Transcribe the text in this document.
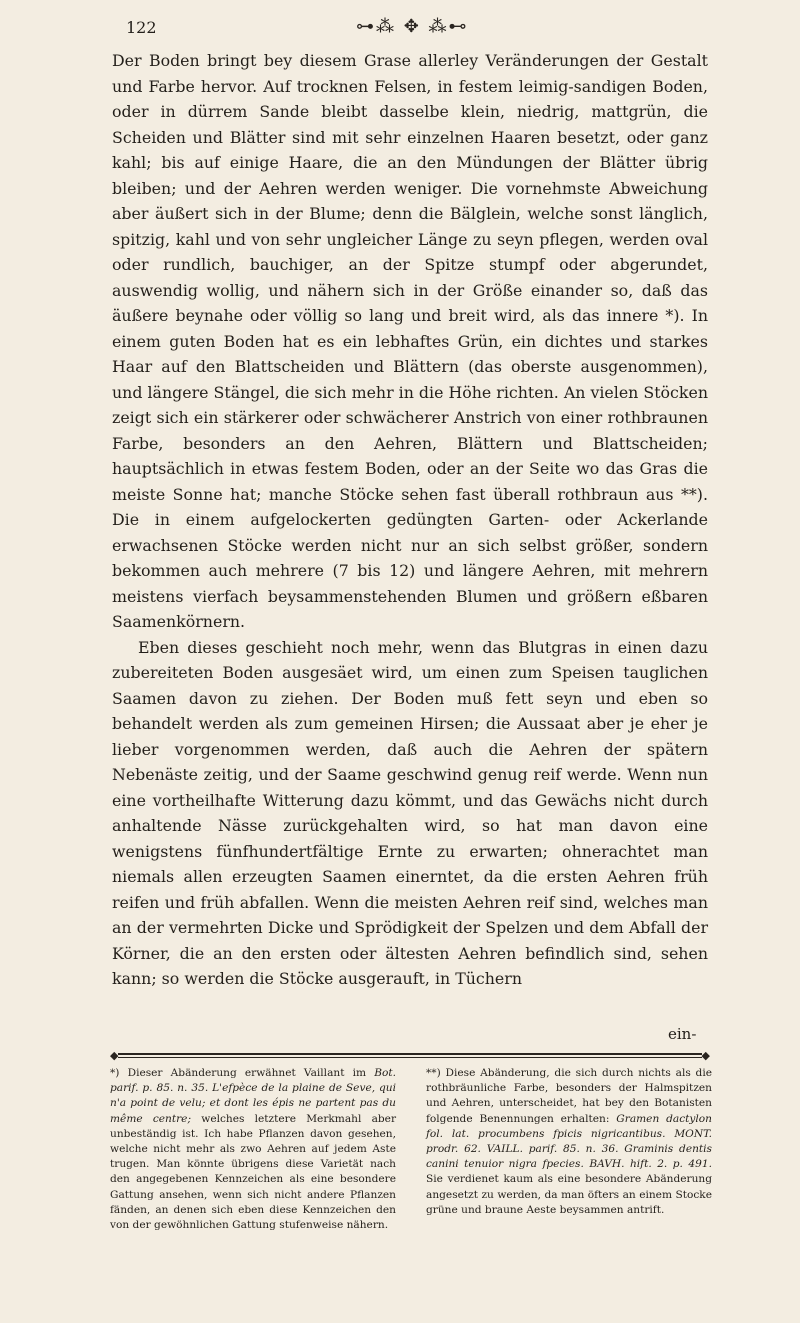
122	⊶⁂ ✥ ⁂⊷

Der Boden bringt bey diesem Grase allerley Veränderungen der Gestalt und Farbe hervor. Auf trocknen Felsen, in festem leimig-sandigen Boden, oder in dürrem Sande bleibt dasselbe klein, niedrig, mattgrün, die Scheiden und Blätter sind mit sehr einzelnen Haaren besetzt, oder ganz kahl; bis auf einige Haare, die an den Mündungen der Blätter übrig bleiben; und der Aehren werden weniger. Die vornehmste Abweichung aber äußert sich in der Blume; denn die Bälglein, welche sonst länglich, spitzig, kahl und von sehr ungleicher Länge zu seyn pflegen, werden oval oder rundlich, bauchiger, an der Spitze stumpf oder abgerundet, auswendig wollig, und nähern sich in der Größe einander so, daß das äußere beynahe oder völlig so lang und breit wird, als das innere *). In einem guten Boden hat es ein lebhaftes Grün, ein dichtes und starkes Haar auf den Blattscheiden und Blättern (das oberste ausgenommen), und längere Stängel, die sich mehr in die Höhe richten. An vielen Stöcken zeigt sich ein stärkerer oder schwächerer Anstrich von einer rothbraunen Farbe, besonders an den Aehren, Blättern und Blattscheiden; hauptsächlich in etwas festem Boden, oder an der Seite wo das Gras die meiste Sonne hat; manche Stöcke sehen fast überall rothbraun aus **). Die in einem aufgelockerten gedüngten Garten- oder Ackerlande erwachsenen Stöcke werden nicht nur an sich selbst größer, sondern bekommen auch mehrere (7 bis 12) und längere Aehren, mit mehrern meistens vierfach beysammenstehenden Blumen und größern eßbaren Saamenkörnern.

Eben dieses geschieht noch mehr, wenn das Blutgras in einen dazu zubereiteten Boden ausgesäet wird, um einen zum Speisen tauglichen Saamen davon zu ziehen. Der Boden muß fett seyn und eben so behandelt werden als zum gemeinen Hirsen; die Aussaat aber je eher je lieber vorgenommen werden, daß auch die Aehren der spätern Nebenäste zeitig, und der Saame geschwind genug reif werde. Wenn nun eine vortheilhafte Witterung dazu kömmt, und das Gewächs nicht durch anhaltende Nässe zurückgehalten wird, so hat man davon eine wenigstens fünfhundertfältige Ernte zu erwarten; ohnerachtet man niemals allen erzeugten Saamen einerntet, da die ersten Aehren früh reifen und früh abfallen. Wenn die meisten Aehren reif sind, welches man an der vermehrten Dicke und Sprödigkeit der Spelzen und dem Abfall der Körner, die an den ersten oder ältesten Aehren befindlich sind, sehen kann; so werden die Stöcke ausgerauft, in Tüchern

ein-
◆	◆
*) Dieser Abänderung erwähnet Vaillant im Bot. parif. p. 85. n. 35. L'efpèce de la plaine de Seve, qui n'a point de velu; et dont les épis ne partent pas du même centre; welches letztere Merkmahl aber unbeständig ist. Ich habe Pflanzen davon gesehen, welche nicht mehr als zwo Aehren auf jedem Aste trugen. Man könnte übrigens diese Varietät nach den angegebenen Kennzeichen als eine besondere Gattung ansehen, wenn sich nicht andere Pflanzen fänden, an denen sich eben diese Kennzeichen den von der gewöhnlichen Gattung stufenweise nähern.
**) Diese Abänderung, die sich durch nichts als die rothbräunliche Farbe, besonders der Halmspitzen und Aehren, unterscheidet, hat bey den Botanisten folgende Benennungen erhalten: Gramen dactylon fol. lat. procumbens fpicis nigricantibus. MONT. prodr. 62. VAILL. parif. 85. n. 36. Graminis dentis canini tenuior nigra fpecies. BAVH. hift. 2. p. 491. Sie verdienet kaum als eine besondere Abänderung angesetzt zu werden, da man öfters an einem Stocke grüne und braune Aeste beysammen antrift.
